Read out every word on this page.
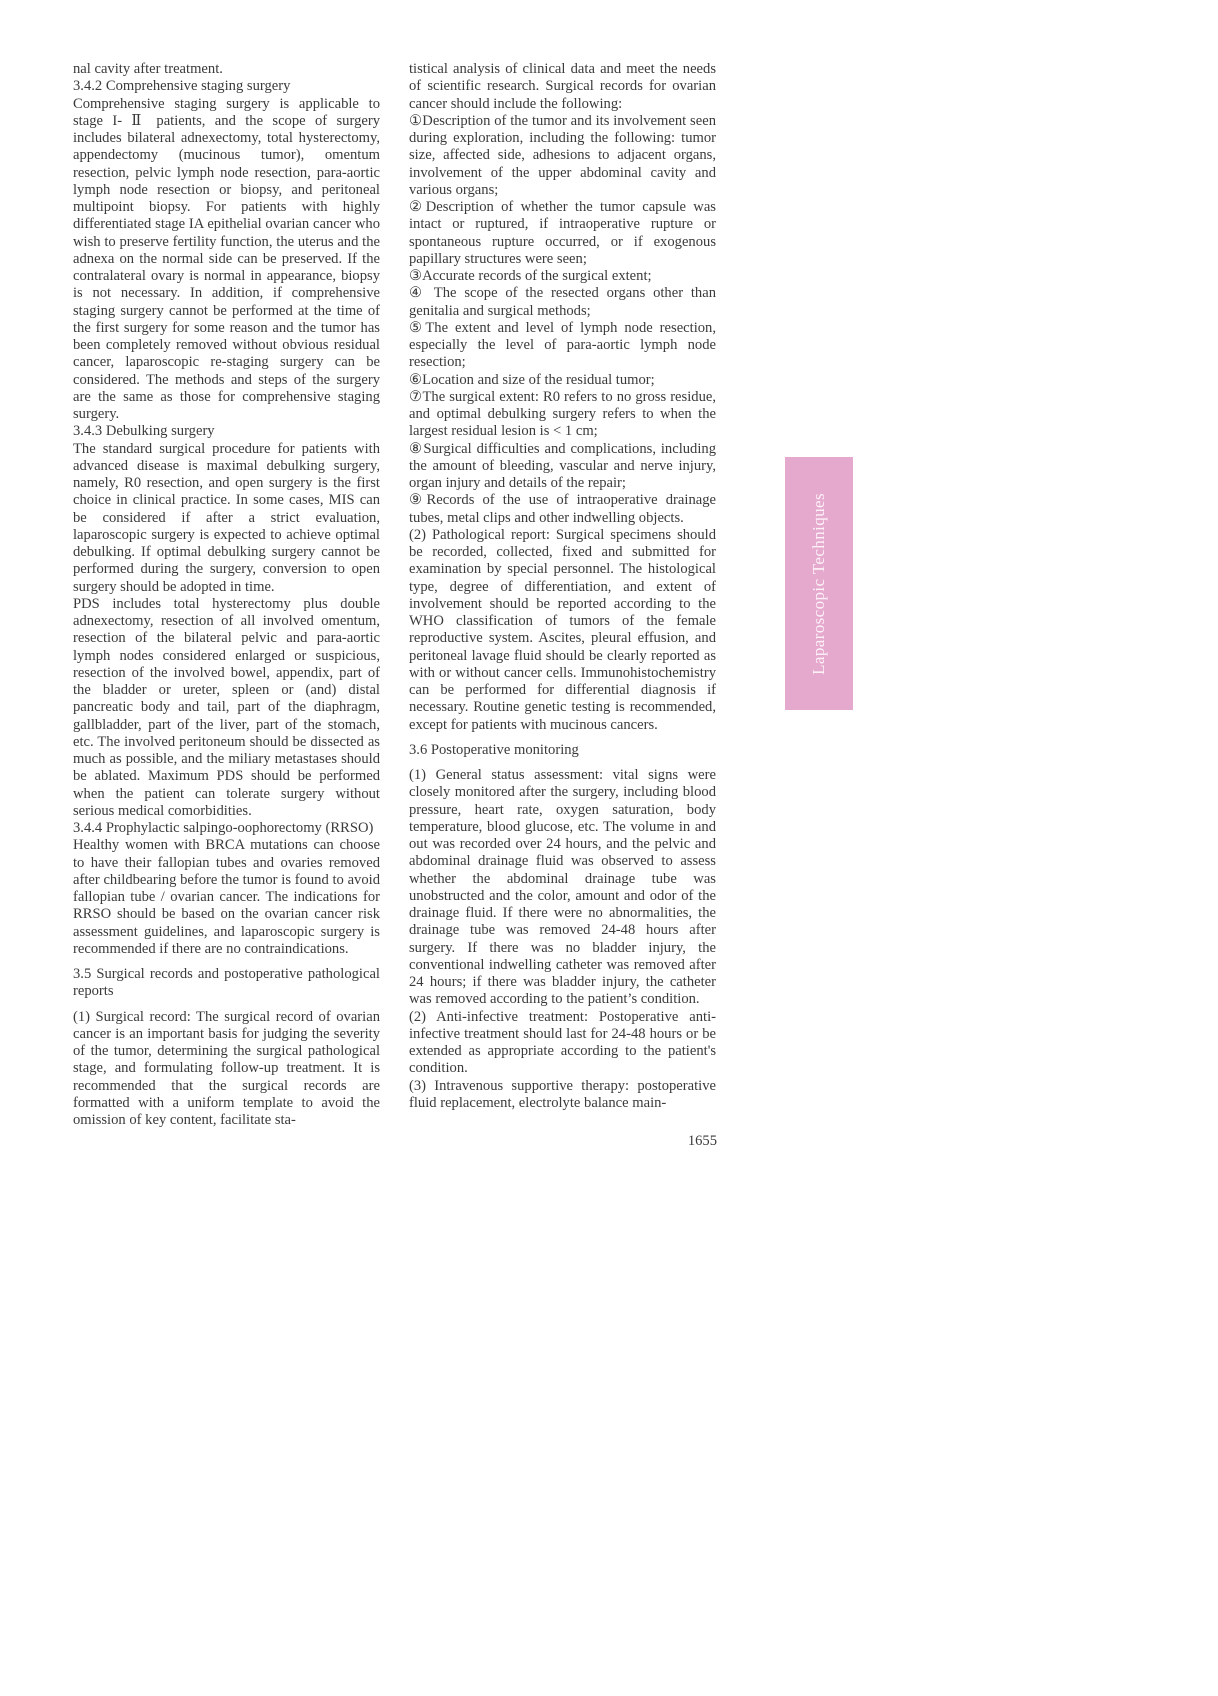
nal cavity after treatment.

3.4.2 Comprehensive staging surgery

Comprehensive staging surgery is applicable to stage I- Ⅱ patients, and the scope of surgery includes bilateral adnexectomy, total hysterectomy, appendectomy (mucinous tumor), omentum resection, pelvic lymph node resection, para-aortic lymph node resection or biopsy, and peritoneal multipoint biopsy. For patients with highly differentiated stage IA epithelial ovarian cancer who wish to preserve fertility function, the uterus and the adnexa on the normal side can be preserved. If the contralateral ovary is normal in appearance, biopsy is not necessary. In addition, if comprehensive staging surgery cannot be performed at the time of the first surgery for some reason and the tumor has been completely removed without obvious residual cancer, laparoscopic re-staging surgery can be considered. The methods and steps of the surgery are the same as those for comprehensive staging surgery.

3.4.3 Debulking surgery

The standard surgical procedure for patients with advanced disease is maximal debulking surgery, namely, R0 resection, and open surgery is the first choice in clinical practice. In some cases, MIS can be considered if after a strict evaluation, laparoscopic surgery is expected to achieve optimal debulking. If optimal debulking surgery cannot be performed during the surgery, conversion to open surgery should be adopted in time.

PDS includes total hysterectomy plus double adnexectomy, resection of all involved omentum, resection of the bilateral pelvic and para-aortic lymph nodes considered enlarged or suspicious, resection of the involved bowel, appendix, part of the bladder or ureter, spleen or (and) distal pancreatic body and tail, part of the diaphragm, gallbladder, part of the liver, part of the stomach, etc. The involved peritoneum should be dissected as much as possible, and the miliary metastases should be ablated. Maximum PDS should be performed when the patient can tolerate surgery without serious medical comorbidities.

3.4.4 Prophylactic salpingo-oophorectomy (RRSO)

Healthy women with BRCA mutations can choose to have their fallopian tubes and ovaries removed after childbearing before the tumor is found to avoid fallopian tube / ovarian cancer. The indications for RRSO should be based on the ovarian cancer risk assessment guidelines, and laparoscopic surgery is recommended if there are no contraindications.

3.5 Surgical records and postoperative pathological reports

(1) Surgical record: The surgical record of ovarian cancer is an important basis for judging the severity of the tumor, determining the surgical pathological stage, and formulating follow-up treatment. It is recommended that the surgical records are formatted with a uniform template to avoid the omission of key content, facilitate sta-

tistical analysis of clinical data and meet the needs of scientific research. Surgical records for ovarian cancer should include the following:

①Description of the tumor and its involvement seen during exploration, including the following: tumor size, affected side, adhesions to adjacent organs, involvement of the upper abdominal cavity and various organs;

②Description of whether the tumor capsule was intact or ruptured, if intraoperative rupture or spontaneous rupture occurred, or if exogenous papillary structures were seen;

③Accurate records of the surgical extent;

④ The scope of the resected organs other than genitalia and surgical methods;

⑤The extent and level of lymph node resection, especially the level of para-aortic lymph node resection;

⑥Location and size of the residual tumor;

⑦The surgical extent: R0 refers to no gross residue, and optimal debulking surgery refers to when the largest residual lesion is < 1 cm;

⑧Surgical difficulties and complications, including the amount of bleeding, vascular and nerve injury, organ injury and details of the repair;

⑨Records of the use of intraoperative drainage tubes, metal clips and other indwelling objects.

(2) Pathological report: Surgical specimens should be recorded, collected, fixed and submitted for examination by special personnel. The histological type, degree of differentiation, and extent of involvement should be reported according to the WHO classification of tumors of the female reproductive system. Ascites, pleural effusion, and peritoneal lavage fluid should be clearly reported as with or without cancer cells. Immunohistochemistry can be performed for differential diagnosis if necessary. Routine genetic testing is recommended, except for patients with mucinous cancers.

3.6 Postoperative monitoring

(1) General status assessment: vital signs were closely monitored after the surgery, including blood pressure, heart rate, oxygen saturation, body temperature, blood glucose, etc. The volume in and out was recorded over 24 hours, and the pelvic and abdominal drainage fluid was observed to assess whether the abdominal drainage tube was unobstructed and the color, amount and odor of the drainage fluid. If there were no abnormalities, the drainage tube was removed 24-48 hours after surgery. If there was no bladder injury, the conventional indwelling catheter was removed after 24 hours; if there was bladder injury, the catheter was removed according to the patient’s condition.

(2) Anti-infective treatment: Postoperative anti-infective treatment should last for 24-48 hours or be extended as appropriate according to the patient's condition.

(3) Intravenous supportive therapy: postoperative fluid replacement, electrolyte balance main-

Laparoscopic Techniques
1655
